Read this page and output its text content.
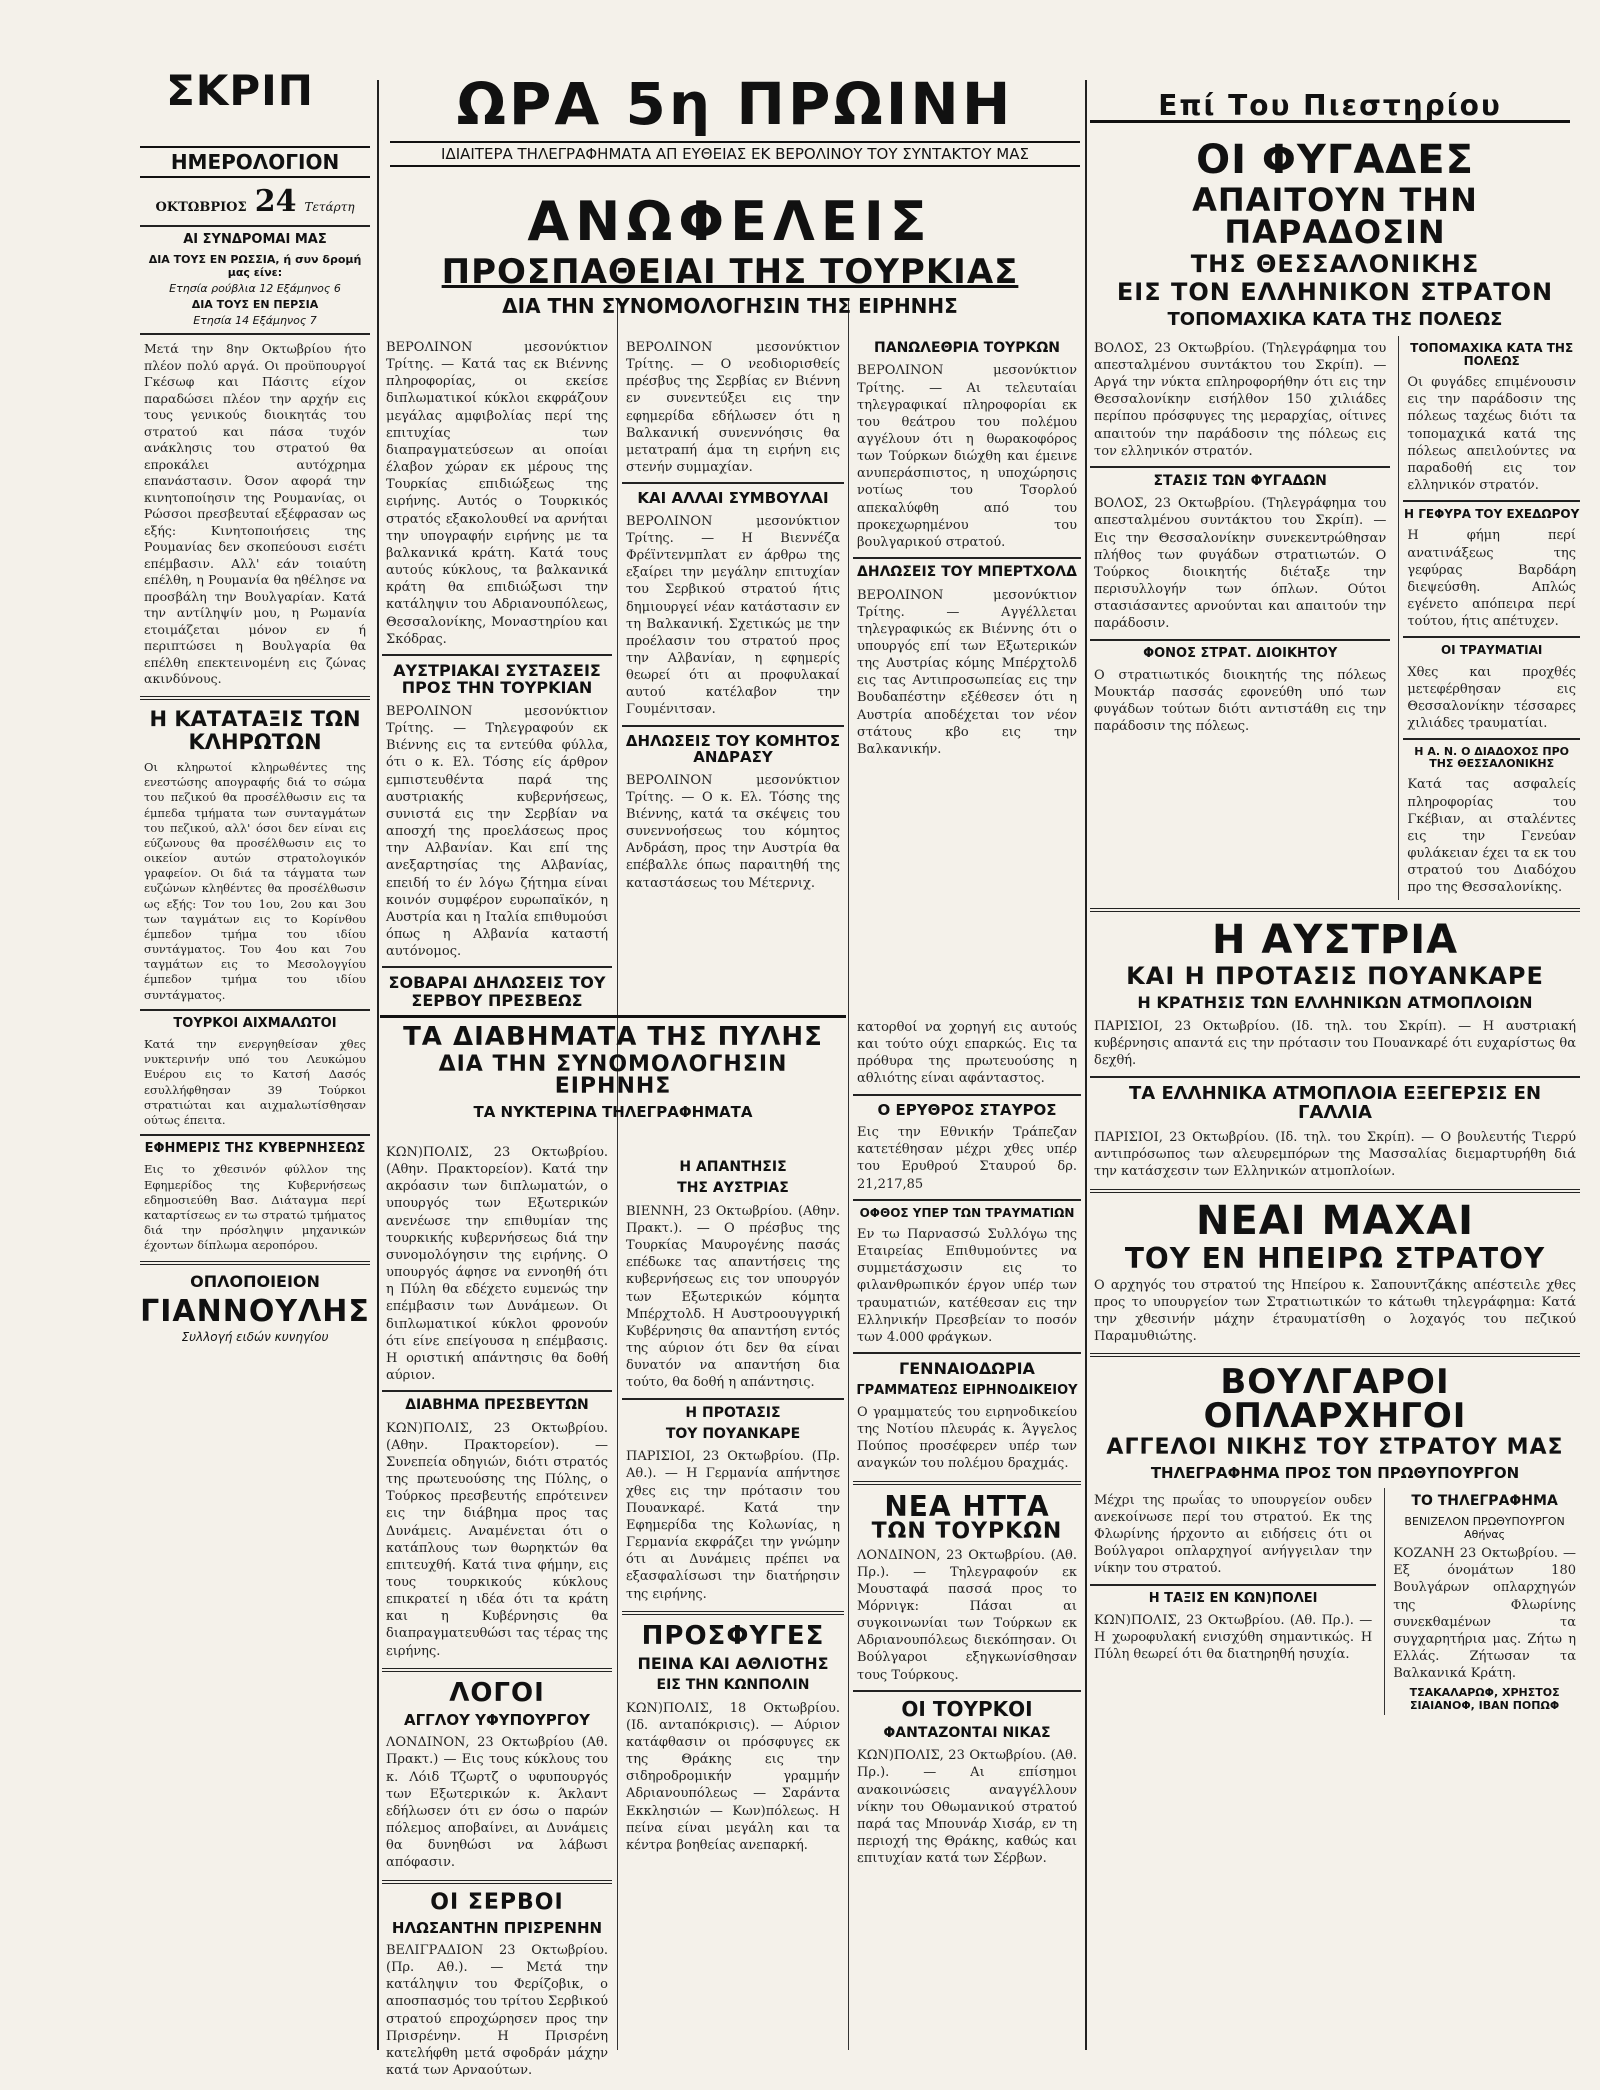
ΣΚΡΙΠ	ΩΡΑ 5η ΠΡΩΙΝΗ
ΙΔΙΑΙΤΕΡΑ ΤΗΛΕΓΡΑΦΗΜΑΤΑ ΑΠ ΕΥΘΕΙΑΣ ΕΚ ΒΕΡΟΛΙΝΟΥ ΤΟΥ ΣΥΝΤΑΚΤΟΥ ΜΑΣ
Επί Του Πιεστηρίου
ΗΜΕΡΟΛΟΓΙΟΝ
ΟΚΤΩΒΡΙΟΣ 24 Τετάρτη
ΑΙ ΣΥΝΔΡΟΜΑΙ ΜΑΣ
ΔΙΑ ΤΟΥΣ ΕΝ ΡΩΣΣΙΑ, ή συν δρομή μας είνε:
Ετησία ρούβλια 12 Εξάμηνος 6
ΔΙΑ ΤΟΥΣ ΕΝ ΠΕΡΣΙΑ
Ετησία 14 Εξάμηνος 7

Μετά την 8ην Οκτωβρίου ήτο πλέον πολύ αργά. Οι προϋπουργοί Γκέσωφ και Πάσιτς είχον παραδώσει πλέον την αρχήν εις τους γενικούς διοικητάς του στρατού και πάσα τυχόν ανάκλησις του στρατού θα επροκάλει αυτόχρημα επανάστασιν. Όσον αφορά την κινητοποίησιν της Ρουμανίας, οι Ρώσσοι πρεσβευταί εξέφρασαν ως εξής: Κινητοποιήσεις της Ρουμανίας δεν σκοπεύουσι εισέτι επέμβασιν. Αλλ' εάν τοιαύτη επέλθη, η Ρουμανία θα ηθέλησε να προσβάλη την Βουλγαρίαν. Κατά την αντίληψίν μου, η Ρωμανία ετοιμάζεται μόνον εν ή περιπτώσει η Βουλγαρία θα επέλθη επεκτεινομένη εις ζώνας ακινδύνους.

Η ΚΑΤΑΤΑΞΙΣ ΤΩΝ ΚΛΗΡΩΤΩΝ

Οι κληρωτοί κληρωθέντες της ενεστώσης απογραφής διά το σώμα του πεζικού θα προσέλθωσιν εις τα έμπεδα τμήματα των συνταγμάτων του πεζικού, αλλ' όσοι δεν είναι εις εύζωνους θα προσέλθωσιν εις το οικείον αυτών στρατολογικόν γραφείον. Οι διά τα τάγματα των ευζώνων κληθέντες θα προσέλθωσιν ως εξής: Τον του 1ου, 2ου και 3ου των ταγμάτων εις το Κορίνθου έμπεδον τμήμα του ιδίου συντάγματος. Του 4ου και 7ου ταγμάτων εις το Μεσολογγίου έμπεδον τμήμα του ιδίου συντάγματος.

ΤΟΥΡΚΟΙ ΑΙΧΜΑΛΩΤΟΙ

Κατά την ενεργηθείσαν χθες νυκτερινήν υπό του Λευκώμου Ευέρου εις το Κατσή Δασός εσυλλήφθησαν 39 Τούρκοι στρατιώται και αιχμαλωτίσθησαν ούτως έπειτα.

ΕΦΗΜΕΡΙΣ ΤΗΣ ΚΥΒΕΡΝΗΣΕΩΣ

Εις το χθεσινόν φύλλον της Εφημερίδος της Κυβερνήσεως εδημοσιεύθη Βασ. Διάταγμα περί καταρτίσεως εν τω στρατώ τμήματος διά την πρόσληψιν μηχανικών έχοντων δίπλωμα αεροπόρου.

ΟΠΛΟΠΟΙΕΙΟΝ
ΓΙΑΝΝΟΥΛΗΣ
Συλλογή ειδών κυνηγίου
ΑΝΩΦΕΛΕΙΣ
ΠΡΟΣΠΑΘΕΙΑΙ ΤΗΣ ΤΟΥΡΚΙΑΣ
ΔΙΑ ΤΗΝ ΣΥΝΟΜΟΛΟΓΗΣΙΝ ΤΗΣ ΕΙΡΗΝΗΣ

ΒΕΡΟΛΙΝΟΝ μεσονύκτιον Τρίτης. — Κατά τας εκ Βιέννης πληροφορίας, οι εκείσε διπλωματικοί κύκλοι εκφράζουν μεγάλας αμφιβολίας περί της επιτυχίας των διαπραγματεύσεων αι οποίαι έλαβον χώραν εκ μέρους της Τουρκίας επιδιώξεως της ειρήνης. Αυτός ο Τουρκικός στρατός εξακολουθεί να αρνήται την υπογραφήν ειρήνης με τα βαλκανικά κράτη. Κατά τους αυτούς κύκλους, τα βαλκανικά κράτη θα επιδιώξωσι την κατάληψιν του Αδριανουπόλεως, Θεσσαλονίκης, Μοναστηρίου και Σκόδρας.

ΑΥΣΤΡΙΑΚΑΙ ΣΥΣΤΑΣΕΙΣ ΠΡΟΣ ΤΗΝ ΤΟΥΡΚΙΑΝ

ΒΕΡΟΛΙΝΟΝ μεσονύκτιον Τρίτης. — Τηλεγραφούν εκ Βιέννης εις τα εντεύθα φύλλα, ότι ο κ. Ελ. Τόσης είς άρθρον εμπιστευθέντα παρά της αυστριακής κυβερνήσεως, συνιστά εις την Σερβίαν να αποσχή της προελάσεως προς την Αλβανίαν. Και επί της ανεξαρτησίας της Αλβανίας, επειδή το έν λόγω ζήτημα είναι κοινόν συμφέρον ευρωπαϊκόν, η Αυστρία και η Ιταλία επιθυμούσι όπως η Αλβανία καταστή αυτόνομος.

ΣΟΒΑΡΑΙ ΔΗΛΩΣΕΙΣ ΤΟΥ ΣΕΡΒΟΥ ΠΡΕΣΒΕΩΣ

ΒΕΡΟΛΙΝΟΝ μεσονύκτιον Τρίτης. — Ο νεοδιορισθείς πρέσβυς της Σερβίας εν Βιέννη εν συνεντεύξει εις την εφημερίδα εδήλωσεν ότι η Βαλκανική συνεννόησις θα μετατραπή άμα τη ειρήνη εις στενήν συμμαχίαν.

ΚΑΙ ΑΛΛΑΙ ΣΥΜΒΟΥΛΑΙ

ΒΕΡΟΛΙΝΟΝ μεσονύκτιον Τρίτης. — Η Βιεννέζα Φρέϊντενμπλατ εν άρθρω της εξαίρει την μεγάλην επιτυχίαν του Σερβικού στρατού ήτις δημιουργεί νέαν κατάστασιν εν τη Βαλκανική. Σχετικώς με την προέλασιν του στρατού προς την Αλβανίαν, η εφημερίς θεωρεί ότι αι προφυλακαί αυτού κατέλαβον την Γουμένιτσαν.

ΔΗΛΩΣΕΙΣ ΤΟΥ ΚΟΜΗΤΟΣ ΑΝΔΡΑΣΥ

ΒΕΡΟΛΙΝΟΝ μεσονύκτιον Τρίτης. — Ο κ. Ελ. Τόσης της Βιέννης, κατά τα σκέψεις του συνεννοήσεως του κόμητος Ανδράση, προς την Αυστρία θα επέβαλλε όπως παραιτηθή της καταστάσεως του Μέτερνιχ.

ΠΑΝΩΛΕΘΡΙΑ ΤΟΥΡΚΩΝ

ΒΕΡΟΛΙΝΟΝ μεσονύκτιον Τρίτης. — Αι τελευταίαι τηλεγραφικαί πληροφορίαι εκ του θεάτρου του πολέμου αγγέλουν ότι η θωρακοφόρος των Τούρκων διώχθη και έμεινε ανυπεράσπιστος, η υποχώρησις νοτίως του Τσορλού απεκαλύφθη από του προκεχωρημένου του βουλγαρικού στρατού.

ΔΗΛΩΣΕΙΣ ΤΟΥ ΜΠΕΡΤΧΟΛΔ

ΒΕΡΟΛΙΝΟΝ μεσονύκτιον Τρίτης. — Αγγέλλεται τηλεγραφικώς εκ Βιέννης ότι ο υπουργός επί των Εξωτερικών της Αυστρίας κόμης Μπέρχτολδ εις τας Αντιπροσωπείας εις την Βουδαπέστην εξέθεσεν ότι η Αυστρία αποδέχεται τον νέον στάτους κβο εις την Βαλκανικήν.

ΤΑ ΔΙΑΒΗΜΑΤΑ ΤΗΣ ΠΥΛΗΣ
ΔΙΑ ΤΗΝ ΣΥΝΟΜΟΛΟΓΗΣΙΝ ΕΙΡΗΝΗΣ
ΤΑ ΝΥΚΤΕΡΙΝΑ ΤΗΛΕΓΡΑΦΗΜΑΤΑ

ΚΩΝ)ΠΟΛΙΣ, 23 Οκτωβρίου. (Αθην. Πρακτορείον). Κατά την ακρόασιν των διπλωματών, ο υπουργός των Εξωτερικών ανενέωσε την επιθυμίαν της τουρκικής κυβερνήσεως διά την συνομολόγησιν της ειρήνης. Ο υπουργός άφησε να εννοηθή ότι η Πύλη θα εδέχετο ευμενώς την επέμβασιν των Δυνάμεων. Οι διπλωματικοί κύκλοι φρονούν ότι είνε επείγουσα η επέμβασις. Η οριστική απάντησις θα δοθή αύριον.

ΔΙΑΒΗΜΑ ΠΡΕΣΒΕΥΤΩΝ

ΚΩΝ)ΠΟΛΙΣ, 23 Οκτωβρίου. (Αθην. Πρακτορείον). — Συνεπεία οδηγιών, διότι στρατός της πρωτευούσης της Πύλης, ο Τούρκος πρεσβευτής επρότεινεν εις την διάβημα προς τας Δυνάμεις. Αναμένεται ότι ο κατάπλους των θωρηκτών θα επιτευχθή. Κατά τινα φήμην, εις τους τουρκικούς κύκλους επικρατεί η ιδέα ότι τα κράτη και η Κυβέρνησις θα διαπραγματευθώσι τας τέρας της ειρήνης.

ΛΟΓΟΙ
ΑΓΓΛΟΥ ΥΦΥΠΟΥΡΓΟΥ

ΛΟΝΔΙΝΟΝ, 23 Οκτωβρίου (Αθ. Πρακτ.) — Εις τους κύκλους του κ. Λόιδ Τζωρτζ ο υφυπουργός των Εξωτερικών κ. Άκλαντ εδήλωσεν ότι εν όσω ο παρών πόλεμος αποβαίνει, αι Δυνάμεις θα δυνηθώσι να λάβωσι απόφασιν.

ΟΙ ΣΕΡΒΟΙ
ΗΛΩΣΑΝΤΗΝ ΠΡΙΣΡΕΝΗΝ

ΒΕΛΙΓΡΑΔΙΟΝ 23 Οκτωβρίου. (Πρ. Αθ.). — Μετά την κατάληψιν του Φερίζοβικ, ο αποσπασμός του τρίτου Σερβικού στρατού επροχώρησεν προς την Πρισρένην. Η Πρισρένη κατελήφθη μετά σφοδράν μάχην κατά των Αρναούτων.

Η ΑΠΑΝΤΗΣΙΣ
ΤΗΣ ΑΥΣΤΡΙΑΣ

ΒΙΕΝΝΗ, 23 Οκτωβρίου. (Αθην. Πρακτ.). — Ο πρέσβυς της Τουρκίας Μαυρογένης πασάς επέδωκε τας απαντήσεις της κυβερνήσεως εις τον υπουργόν των Εξωτερικών κόμητα Μπέρχτολδ. Η Αυστροουγγρική Κυβέρνησις θα απαντήση εντός της αύριον ότι δεν θα είναι δυνατόν να απαντήση δια τούτο, θα δοθή η απάντησις.

Η ΠΡΟΤΑΣΙΣ
ΤΟΥ ΠΟΥΑΝΚΑΡΕ

ΠΑΡΙΣΙΟΙ, 23 Οκτωβρίου. (Πρ. Αθ.). — Η Γερμανία απήντησε χθες εις την πρότασιν του Πουανκαρέ. Κατά την Εφημερίδα της Κολωνίας, η Γερμανία εκφράζει την γνώμην ότι αι Δυνάμεις πρέπει να εξασφαλίσωσι την διατήρησιν της ειρήνης.

ΠΡΟΣΦΥΓΕΣ
ΠΕΙΝΑ ΚΑΙ ΑΘΛΙΟΤΗΣ
ΕΙΣ ΤΗΝ ΚΩΝΠΟΛΙΝ

ΚΩΝ)ΠΟΛΙΣ, 18 Οκτωβρίου. (Ιδ. ανταπόκρισις). — Αύριον κατάφθασιν οι πρόσφυγες εκ της Θράκης εις την σιδηροδρομικήν γραμμήν Αδριανουπόλεως — Σαράντα Εκκλησιών — Κων)πόλεως. Η πείνα είναι μεγάλη και τα κέντρα βοηθείας ανεπαρκή.

κατορθοί να χορηγή εις αυτούς και τούτο ούχι επαρκώς. Εις τα πρόθυρα της πρωτευούσης η αθλιότης είναι αφάνταστος.

Ο ΕΡΥΘΡΟΣ ΣΤΑΥΡΟΣ

Εις την Εθνικήν Τράπεζαν κατετέθησαν μέχρι χθες υπέρ του Ερυθρού Σταυρού δρ. 21,217,85

ΟΦΘΟΣ ΥΠΕΡ ΤΩΝ ΤΡΑΥΜΑΤΙΩΝ

Εν τω Παρνασσώ Συλλόγω της Εταιρείας Επιθυμούντες να συμμετάσχωσιν εις το φιλανθρωπικόν έργον υπέρ των τραυματιών, κατέθεσαν εις την Ελληνικήν Πρεσβείαν το ποσόν των 4.000 φράγκων.

ΓΕΝΝΑΙΟΔΩΡΙΑ
ΓΡΑΜΜΑΤΕΩΣ ΕΙΡΗΝΟΔΙΚΕΙΟΥ

Ο γραμματεύς του ειρηνοδικείου της Νοτίου πλευράς κ. Άγγελος Πούπος προσέφερεν υπέρ των αναγκών του πολέμου δραχμάς.

ΝΕΑ ΗΤΤΑ
ΤΩΝ ΤΟΥΡΚΩΝ

ΛΟΝΔΙΝΟΝ, 23 Οκτωβρίου. (Αθ. Πρ.). — Τηλεγραφούν εκ Μουσταφά πασσά προς το Μόρνιγκ: Πάσαι αι συγκοινωνίαι των Τούρκων εκ Αδριανουπόλεως διεκόπησαν. Οι Βούλγαροι εξηγκωνίσθησαν τους Τούρκους.

ΟΙ ΤΟΥΡΚΟΙ
ΦΑΝΤΑΖΟΝΤΑΙ ΝΙΚΑΣ

ΚΩΝ)ΠΟΛΙΣ, 23 Οκτωβρίου. (Αθ. Πρ.). — Αι επίσημοι ανακοινώσεις αναγγέλλουν νίκην του Οθωμανικού στρατού παρά τας Μπουνάρ Χισάρ, εν τη περιοχή της Θράκης, καθώς και επιτυχίαν κατά των Σέρβων.

ΟΙ ΦΥΓΑΔΕΣ
ΑΠΑΙΤΟΥΝ ΤΗΝ ΠΑΡΑΔΟΣΙΝ
ΤΗΣ ΘΕΣΣΑΛΟΝΙΚΗΣ
ΕΙΣ ΤΟΝ ΕΛΛΗΝΙΚΟΝ ΣΤΡΑΤΟΝ
ΤΟΠΟΜΑΧΙΚΑ ΚΑΤΑ ΤΗΣ ΠΟΛΕΩΣ

ΒΟΛΟΣ, 23 Οκτωβρίου. (Τηλεγράφημα του απεσταλμένου συντάκτου του Σκρίπ). — Αργά την νύκτα επληροφορήθην ότι εις την Θεσσαλονίκην εισήλθον 150 χιλιάδες περίπου πρόσφυγες της μεραρχίας, οίτινες απαιτούν την παράδοσιν της πόλεως εις τον ελληνικόν στρατόν.

ΣΤΑΣΙΣ ΤΩΝ ΦΥΓΑΔΩΝ

ΒΟΛΟΣ, 23 Οκτωβρίου. (Τηλεγράφημα του απεσταλμένου συντάκτου του Σκρίπ). — Εις την Θεσσαλονίκην συνεκεντρώθησαν πλήθος των φυγάδων στρατιωτών. Ο Τούρκος διοικητής διέταξε την περισυλλογήν των όπλων. Ούτοι στασιάσαντες αρνούνται και απαιτούν την παράδοσιν.

ΦΟΝΟΣ ΣΤΡΑΤ. ΔΙΟΙΚΗΤΟΥ

Ο στρατιωτικός διοικητής της πόλεως Μουκτάρ πασσάς εφονεύθη υπό των φυγάδων τούτων διότι αντιστάθη εις την παράδοσιν της πόλεως.

ΤΟΠΟΜΑΧΙΚΑ ΚΑΤΑ ΤΗΣ ΠΟΛΕΩΣ

Οι φυγάδες επιμένουσιν εις την παράδοσιν της πόλεως ταχέως διότι τα τοπομαχικά κατά της πόλεως απειλούντες να παραδοθή εις τον ελληνικόν στρατόν.

Η ΓΕΦΥΡΑ ΤΟΥ ΕΧΕΔΩΡΟΥ

Η φήμη περί ανατινάξεως της γεφύρας Βαρδάρη διεψεύσθη. Απλώς εγένετο απόπειρα περί τούτου, ήτις απέτυχεν.

ΟΙ ΤΡΑΥΜΑΤΙΑΙ

Χθες και προχθές μετεφέρθησαν εις Θεσσαλονίκην τέσσαρες χιλιάδες τραυματίαι.

Η Α. Ν. Ο ΔΙΑΔΟΧΟΣ ΠΡΟ ΤΗΣ ΘΕΣΣΑΛΟΝΙΚΗΣ

Κατά τας ασφαλείς πληροφορίας του Γκέβιαν, αι σταλέντες εις την Γενεύαν φυλάκειαν έχει τα εκ του στρατού του Διαδόχου προ της Θεσσαλονίκης.

Η ΑΥΣΤΡΙΑ
ΚΑΙ Η ΠΡΟΤΑΣΙΣ ΠΟΥΑΝΚΑΡΕ
Η ΚΡΑΤΗΣΙΣ ΤΩΝ ΕΛΛΗΝΙΚΩΝ ΑΤΜΟΠΛΟΙΩΝ

ΠΑΡΙΣΙΟΙ, 23 Οκτωβρίου. (Ιδ. τηλ. του Σκρίπ). — Η αυστριακή κυβέρνησις απαντά εις την πρότασιν του Πουανκαρέ ότι ευχαρίστως θα δεχθή.

ΤΑ ΕΛΛΗΝΙΚΑ ΑΤΜΟΠΛΟΙΑ ΕΞΕΓΕΡΣΙΣ ΕΝ ΓΑΛΛΙΑ

ΠΑΡΙΣΙΟΙ, 23 Οκτωβρίου. (Ιδ. τηλ. του Σκρίπ). — Ο βουλευτής Τιερρύ αντιπρόσωπος των αλευρεμπόρων της Μασσαλίας διεμαρτυρήθη διά την κατάσχεσιν των Ελληνικών ατμοπλοίων.

ΝΕΑΙ ΜΑΧΑΙ
ΤΟΥ ΕΝ ΗΠΕΙΡΩ ΣΤΡΑΤΟΥ

Ο αρχηγός του στρατού της Ηπείρου κ. Σαπουντζάκης απέστειλε χθες προς το υπουργείον των Στρατιωτικών το κάτωθι τηλεγράφημα: Κατά την χθεσινήν μάχην έτραυματίσθη ο λοχαγός του πεζικού Παραμυθιώτης.

ΒΟΥΛΓΑΡΟΙ ΟΠΛΑΡΧΗΓΟΙ
ΑΓΓΕΛΟΙ ΝΙΚΗΣ ΤΟΥ ΣΤΡΑΤΟΥ ΜΑΣ
ΤΗΛΕΓΡΑΦΗΜΑ ΠΡΟΣ ΤΟΝ ΠΡΩΘΥΠΟΥΡΓΟΝ

Μέχρι της πρωΐας το υπουργείον ουδεν ανεκοίνωσε περί του στρατού. Εκ της Φλωρίνης ήρχοντο αι ειδήσεις ότι οι Βούλγαροι οπλαρχηγοί ανήγγειλαν την νίκην του στρατού.

Η ΤΑΞΙΣ ΕΝ ΚΩΝ)ΠΟΛΕΙ

ΚΩΝ)ΠΟΛΙΣ, 23 Οκτωβρίου. (Αθ. Πρ.). — Η χωροφυλακή ενισχύθη σημαντικώς. Η Πύλη θεωρεί ότι θα διατηρηθή ησυχία.

ΤΟ ΤΗΛΕΓΡΑΦΗΜΑ
ΒΕΝΙΖΕΛΟΝ ΠΡΩΘΥΠΟΥΡΓΟΝ Αθήνας

ΚΟΖΑΝΗ 23 Οκτωβρίου. — Εξ όνομάτων 180 Βουλγάρων οπλαρχηγών της Φλωρίνης συνεκθαμένων τα συγχαρητήρια μας. Ζήτω η Ελλάς. Ζήτωσαν τα Βαλκανικά Κράτη.

ΤΣΑΚΑΛΑΡΩΦ, ΧΡΗΣΤΟΣ ΣΙΑΙΑΝΟΦ, ΙΒΑΝ ΠΟΠΩΦ
